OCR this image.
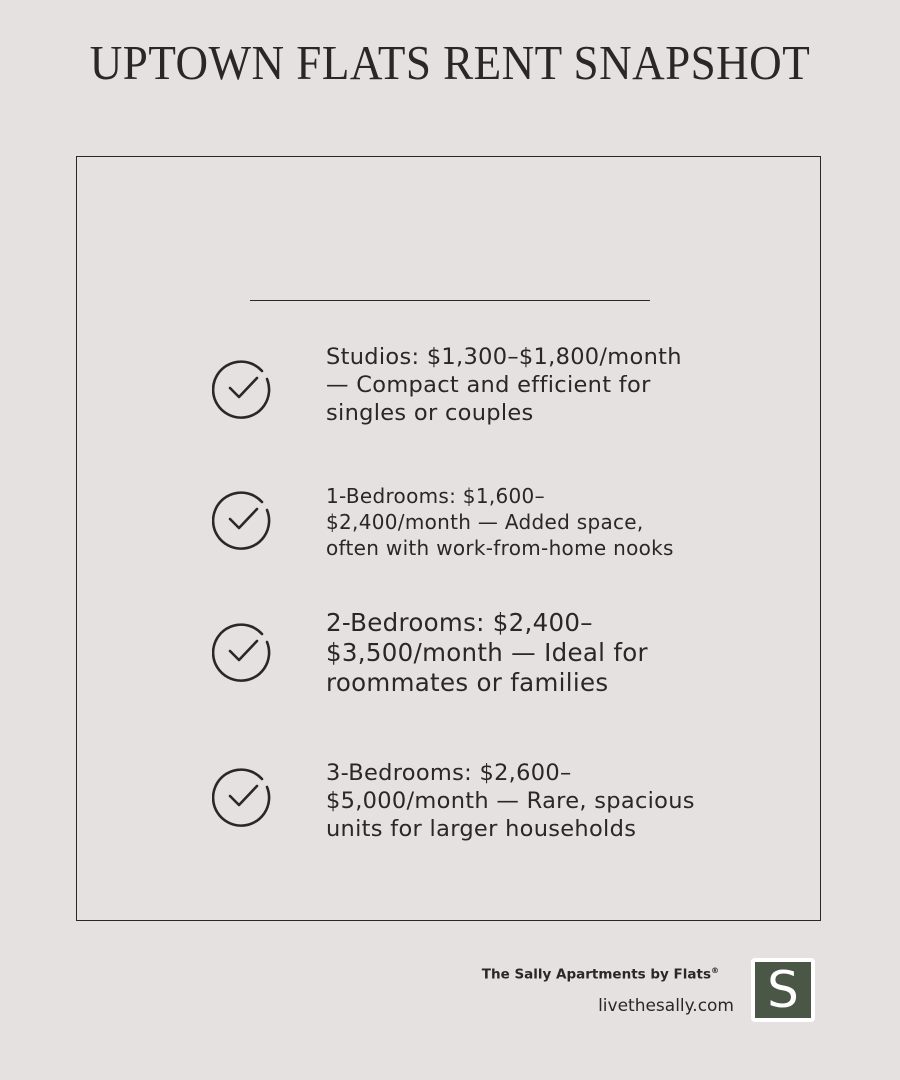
UPTOWN FLATS RENT SNAPSHOT
Studios: $1,300–$1,800/month
— Compact and efficient for
singles or couples
1-Bedrooms: $1,600–
$2,400/month — Added space,
often with work-from-home nooks
2-Bedrooms: $2,400–
$3,500/month — Ideal for
roommates or families
3-Bedrooms: $2,600–
$5,000/month — Rare, spacious
units for larger households
The Sally Apartments by Flats®
livethesally.com S
